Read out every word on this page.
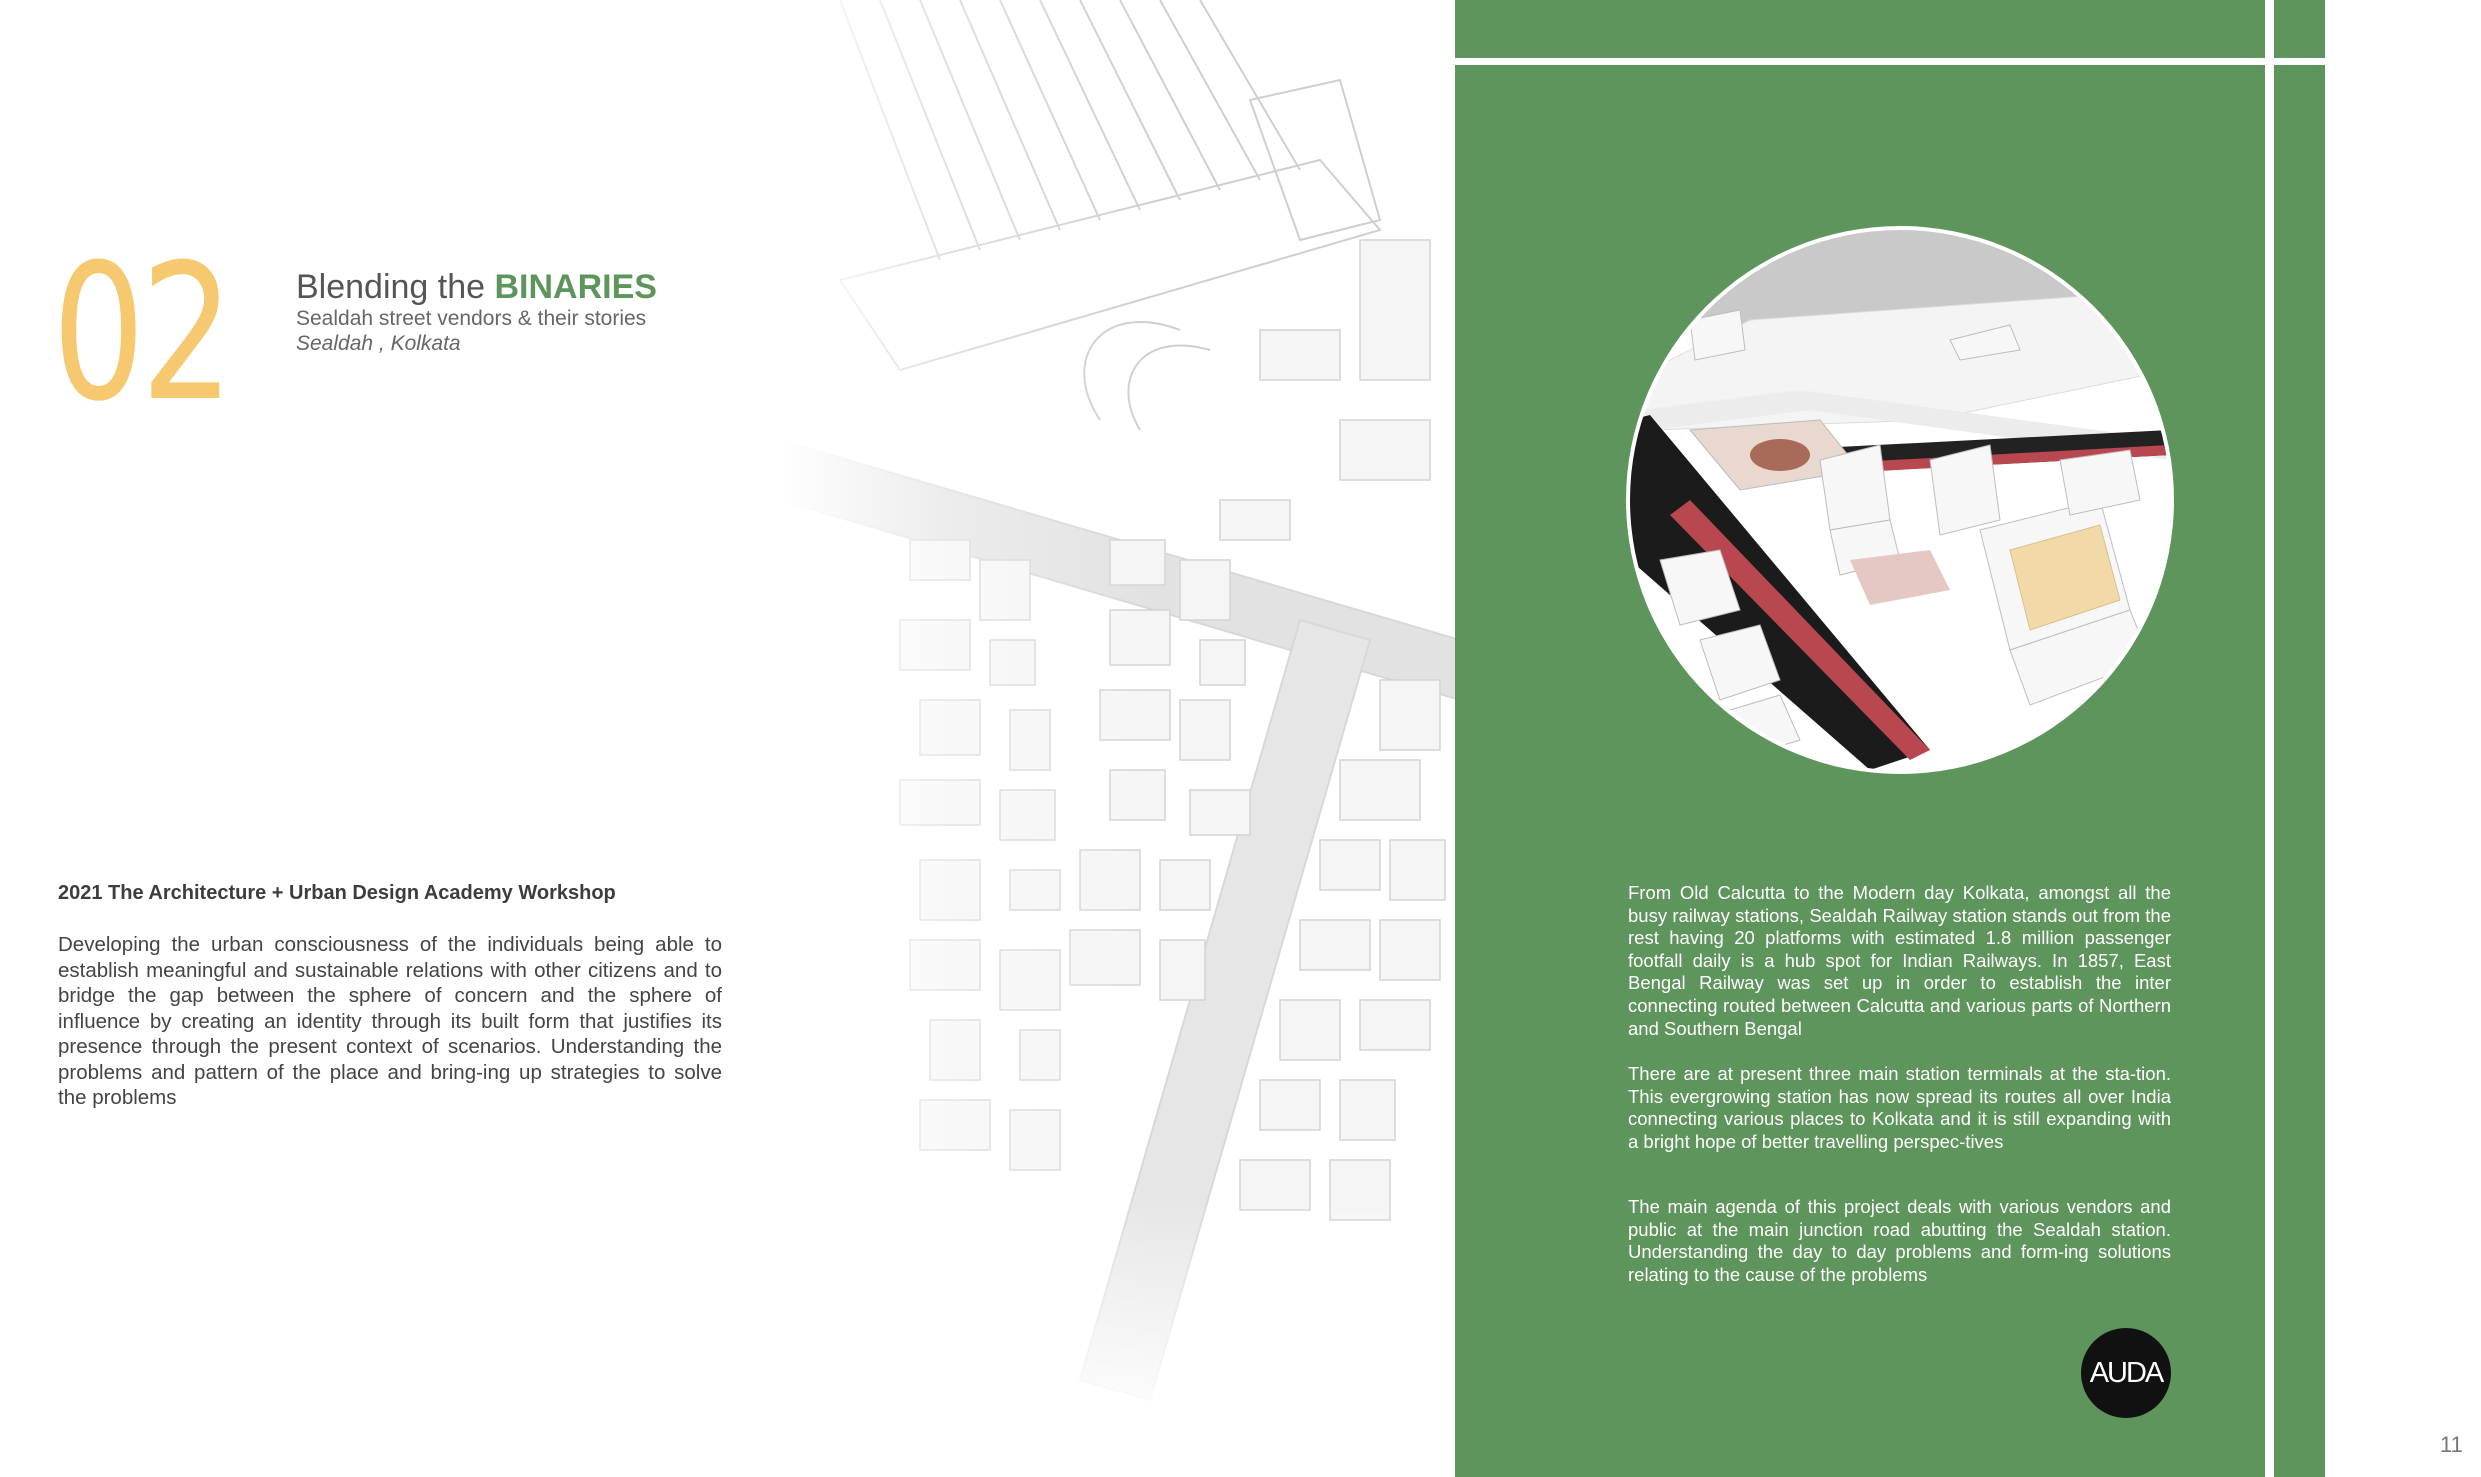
02 Blending the BINARIES
Sealdah street vendors & their stories
Sealdah , Kolkata
2021 The Architecture + Urban Design Academy Workshop
Developing the urban consciousness of the individuals being able to establish meaningful and sustainable relations with other citizens and to bridge the gap between the sphere of concern and the sphere of influence by creating an identity through its built form that justifies its presence through the present context of scenarios. Understanding the problems and pattern of the place and bring-ing up strategies to solve the problems
From Old Calcutta to the Modern day Kolkata, amongst all the busy railway stations, Sealdah Railway station stands out from the rest having 20 platforms with estimated 1.8 million passenger footfall daily is a hub spot for Indian Railways. In 1857, East Bengal Railway was set up in order to establish the inter connecting routed between Calcutta and various parts of Northern and Southern Bengal
There are at present three main station terminals at the sta-tion. This evergrowing station has now spread its routes all over India connecting various places to Kolkata and it is still expanding with a bright hope of better travelling perspec-tives
The main agenda of this project deals with various vendors and public at the main junction road abutting the Sealdah station. Understanding the day to day problems and form-ing solutions relating to the cause of the problems
AUDA
11
